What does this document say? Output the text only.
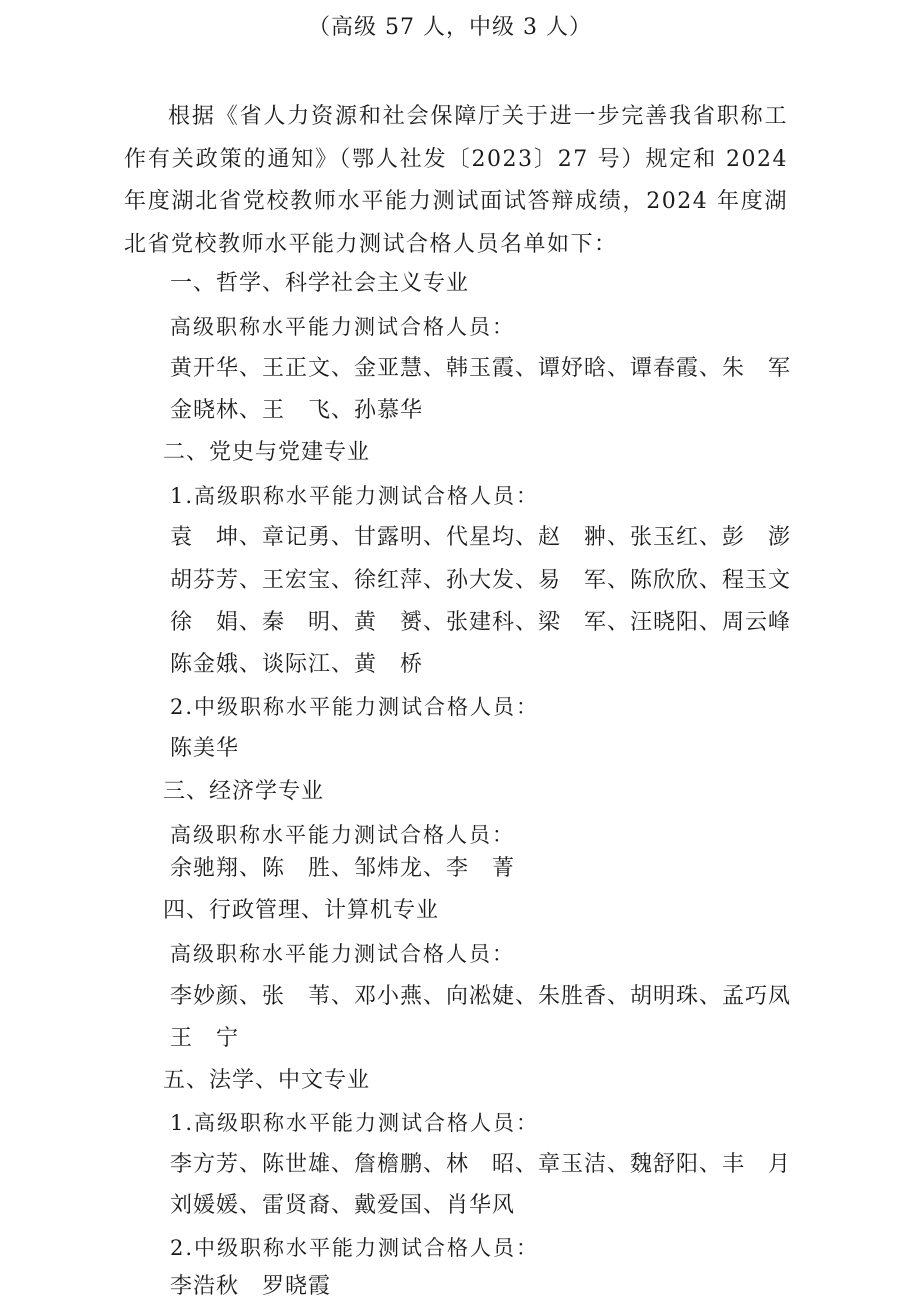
（高级 57 人，中级 3 人）
根据《省人力资源和社会保障厅关于进一步完善我省职称工作有关政策的通知》（鄂人社发〔2023〕27 号）规定和 2024 年度湖北省党校教师水平能力测试面试答辩成绩，2024 年度湖北省党校教师水平能力测试合格人员名单如下：
一、哲学、科学社会主义专业
高级职称水平能力测试合格人员：
黄开华、王正文、金亚慧、韩玉霞、谭妤晗、谭春霞、朱　军
金晓林、王　飞、孙慕华
二、党史与党建专业
1.高级职称水平能力测试合格人员：
袁　坤、章记勇、甘露明、代星均、赵　翀、张玉红、彭　澎
胡芬芳、王宏宝、徐红萍、孙大发、易　军、陈欣欣、程玉文
徐　娟、秦　明、黄　赟、张建科、梁　军、汪晓阳、周云峰
陈金娥、谈际江、黄　桥
2.中级职称水平能力测试合格人员：
陈美华
三、经济学专业
高级职称水平能力测试合格人员：
余驰翔、陈　胜、邹炜龙、李　菁
四、行政管理、计算机专业
高级职称水平能力测试合格人员：
李妙颜、张　苇、邓小燕、向凇婕、朱胜香、胡明珠、孟巧凤
王　宁
五、法学、中文专业
1.高级职称水平能力测试合格人员：
李方芳、陈世雄、詹檐鹏、林　昭、章玉洁、魏舒阳、丰　月
刘媛媛、雷贤裔、戴爱国、肖华风
2.中级职称水平能力测试合格人员：
李浩秋　罗晓霞
